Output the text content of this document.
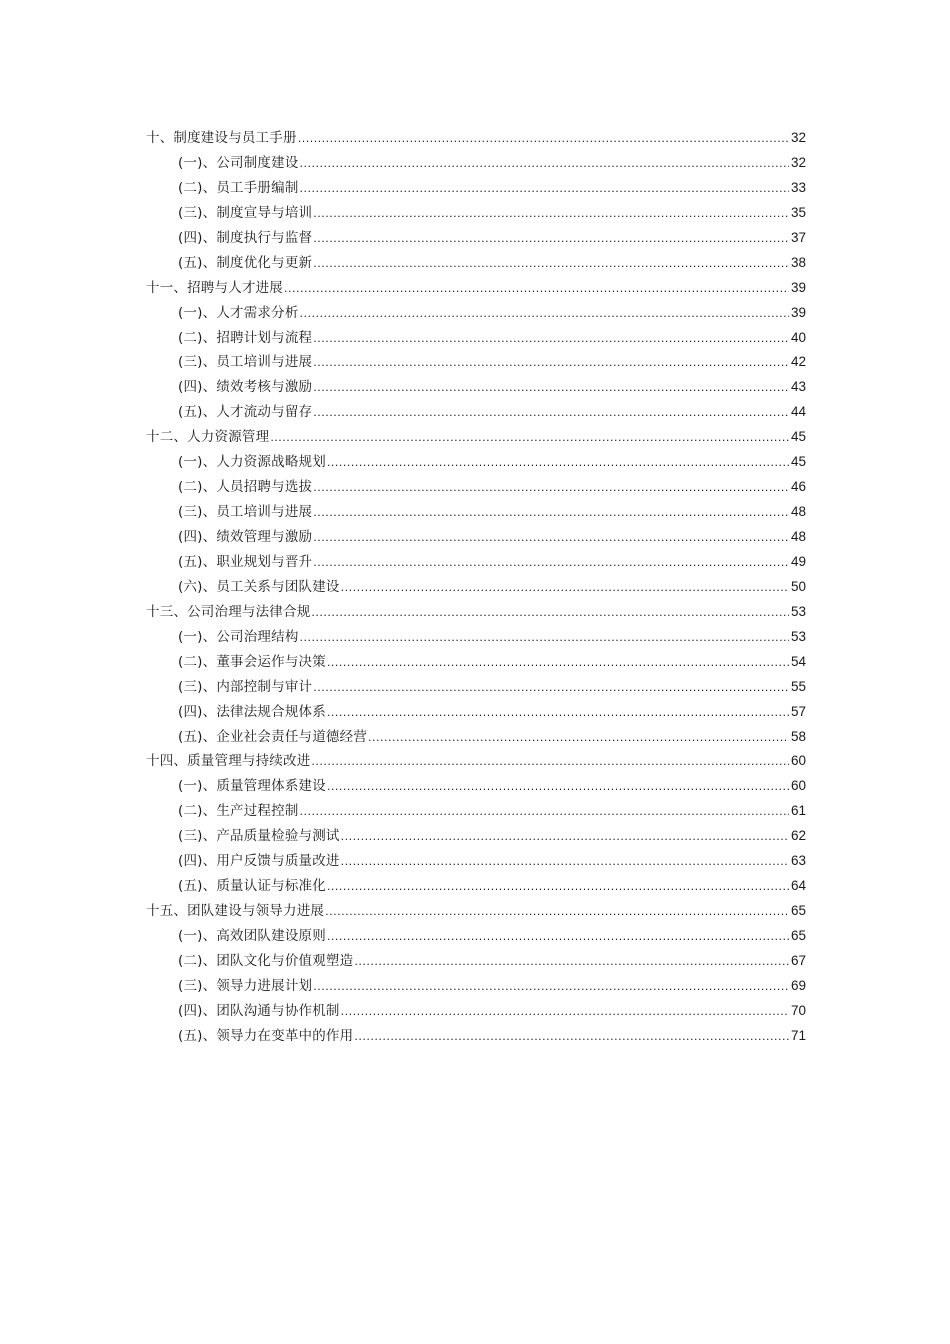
十、制度建设与员工手册 .....	32
(一)、公司制度建设 .....	32
(二)、员工手册编制 .....	33
(三)、制度宣导与培训 .....	35
(四)、制度执行与监督 .....	37
(五)、制度优化与更新 .....	38
十一、招聘与人才进展 .....	39
(一)、人才需求分析 .....	39
(二)、招聘计划与流程 .....	40
(三)、员工培训与进展 .....	42
(四)、绩效考核与激励 .....	43
(五)、人才流动与留存 .....	44
十二、人力资源管理 .....	45
(一)、人力资源战略规划 .....	45
(二)、人员招聘与选拔 .....	46
(三)、员工培训与进展 .....	48
(四)、绩效管理与激励 .....	48
(五)、职业规划与晋升 .....	49
(六)、员工关系与团队建设 .....	50
十三、公司治理与法律合规 .....	53
(一)、公司治理结构 .....	53
(二)、董事会运作与决策 .....	54
(三)、内部控制与审计 .....	55
(四)、法律法规合规体系 .....	57
(五)、企业社会责任与道德经营 .....	58
十四、质量管理与持续改进 .....	60
(一)、质量管理体系建设 .....	60
(二)、生产过程控制 .....	61
(三)、产品质量检验与测试 .....	62
(四)、用户反馈与质量改进 .....	63
(五)、质量认证与标准化 .....	64
十五、团队建设与领导力进展 .....	65
(一)、高效团队建设原则 .....	65
(二)、团队文化与价值观塑造 .....	67
(三)、领导力进展计划 .....	69
(四)、团队沟通与协作机制 .....	70
(五)、领导力在变革中的作用 .....	71
